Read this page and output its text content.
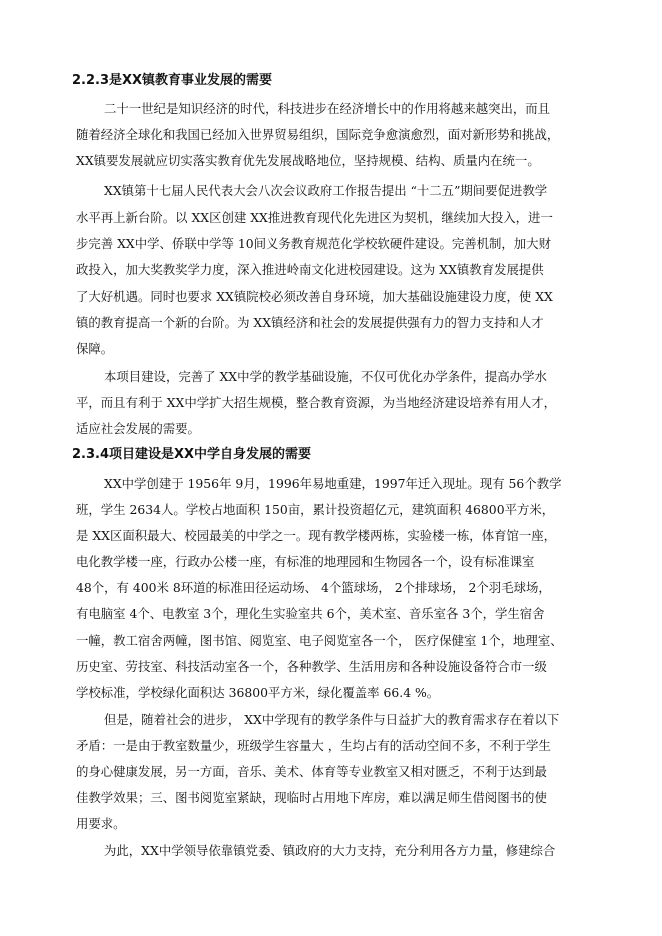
2.2.3是XX镇教育事业发展的需要
二十一世纪是知识经济的时代，科技进步在经济增长中的作用将越来越突出，而且
随着经济全球化和我国已经加入世界贸易组织，国际竞争愈演愈烈，面对新形势和挑战，
XX镇要发展就应切实落实教育优先发展战略地位，坚持规模、结构、质量内在统一。
XX镇第十七届人民代表大会八次会议政府工作报告提出 “十二五”期间要促进教学
水平再上新台阶。以 XX区创建 XX推进教育现代化先进区为契机，继续加大投入，进一
步完善 XX中学、侨联中学等 10间义务教育规范化学校软硬件建设。完善机制，加大财
政投入，加大奖教奖学力度，深入推进岭南文化进校园建设。这为 XX镇教育发展提供
了大好机遇。同时也要求 XX镇院校必须改善自身环境，加大基础设施建设力度，使 XX
镇的教育提高一个新的台阶。为 XX镇经济和社会的发展提供强有力的智力支持和人才
保障。
本项目建设，完善了 XX中学的教学基础设施，不仅可优化办学条件，提高办学水
平，而且有利于 XX中学扩大招生规模，整合教育资源，为当地经济建设培养有用人才，
适应社会发展的需要。
2.3.4项目建设是XX中学自身发展的需要
XX中学创建于 1956年 9月，1996年易地重建，1997年迁入现址。现有 56个教学
班，学生 2634人。学校占地面积 150亩，累计投资超亿元，建筑面积 46800平方米，
是 XX区面积最大、校园最美的中学之一。现有教学楼两栋，实验楼一栋，体育馆一座，
电化教学楼一座，行政办公楼一座，有标准的地理园和生物园各一个，设有标准课室
48个，有 400米 8环道的标准田径运动场、 4个篮球场， 2个排球场， 2个羽毛球场，
有电脑室 4个、电教室 3个，理化生实验室共 6个，美术室、音乐室各 3个，学生宿舍
一幢，教工宿舍两幢，图书馆、阅览室、电子阅览室各一个， 医疗保健室 1个，地理室、
历史室、劳技室、科技活动室各一个，各种教学、生活用房和各种设施设备符合市一级
学校标准，学校绿化面积达 36800平方米，绿化覆盖率 66.4 %。
但是，随着社会的进步， XX中学现有的教学条件与日益扩大的教育需求存在着以下
矛盾：一是由于教室数量少，班级学生容量大 ，生均占有的活动空间不多，不利于学生
的身心健康发展，另一方面，音乐、美术、体育等专业教室又相对匮乏，不利于达到最
佳教学效果；三、图书阅览室紧缺，现临时占用地下库房，难以满足师生借阅图书的使
用要求。
为此，XX中学领导依靠镇党委、镇政府的大力支持，充分利用各方力量，修建综合
